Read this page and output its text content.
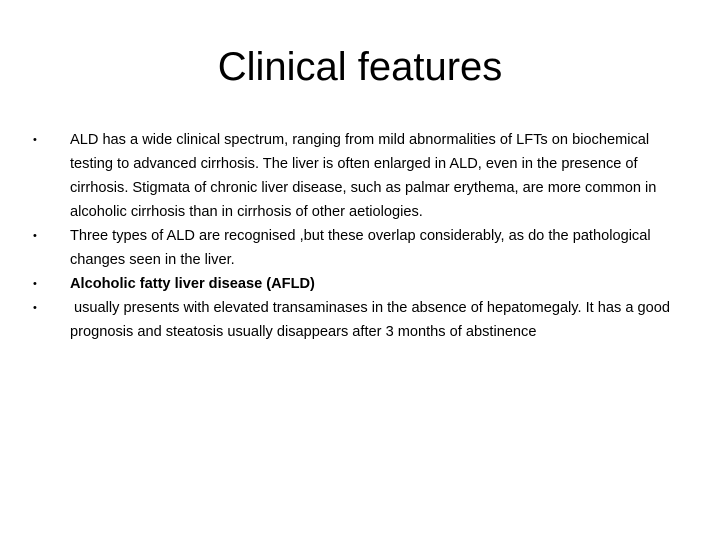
Clinical features
•	ALD has a wide clinical spectrum, ranging from mild abnormalities of LFTs on biochemical testing to advanced cirrhosis. The liver is often enlarged in ALD, even in the presence of cirrhosis. Stigmata of chronic liver disease, such as palmar erythema, are more common in alcoholic cirrhosis than in cirrhosis of other aetiologies.
•	Three types of ALD are recognised ,but these overlap considerably, as do the pathological changes seen in the liver.
•	Alcoholic fatty liver disease (AFLD)
•	usually presents with elevated transaminases in the absence of hepatomegaly. It has a good prognosis and steatosis usually disappears after 3 months of abstinence
